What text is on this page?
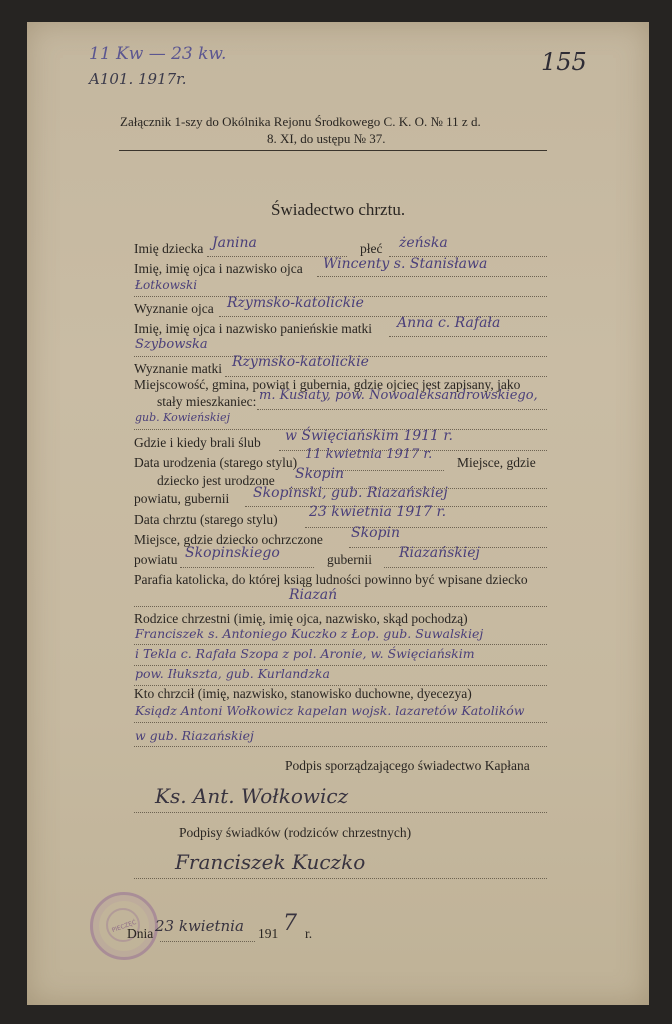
11 Kw — 23 kw.
A101. 1917r.
155
Załącznik 1-szy do Okólnika Rejonu Środkowego C. K. O. № 11 z d.
8. XI, do ustępu № 37.
Świadectwo chrztu.
Imię dziecka Janina	płeć żeńska
Imię, imię ojca i nazwisko ojca Wincenty s. Stanisława
Łotkowski
Wyznanie ojca Rzymsko-katolickie
Imię, imię ojca i nazwisko panieńskie matki Anna c. Rafała
Szybowska
Wyznanie matki Rzymsko-katolickie
Miejscowość, gmina, powiat i gubernia, gdzie ojciec jest zapisany, jako
stały mieszkaniec: m. Kusiaty, pow. Nowoaleksandrowskiego,
gub. Kowieńskiej
Gdzie i kiedy brali ślub w Święciańskim 1911 r.
Data urodzenia (starego stylu)
11 kwietnia 1917 r.
Miejsce, gdzie
dziecko jest urodzone Skopin
powiatu, gubernii Skopinski, gub. Riazańskiej
Data chrztu (starego stylu) 23 kwietnia 1917 r.
Miejsce, gdzie dziecko ochrzczone Skopin
powiatu Skopinskiego	gubernii Riazańskiej
Parafia katolicka, do której ksiąg ludności powinno być wpisane dziecko
Riazań
Rodzice chrzestni (imię, imię ojca, nazwisko, skąd pochodzą)
Franciszek s. Antoniego Kuczko z Łop. gub. Suwalskiej
i Tekla c. Rafała Szopa z pol. Aronie, w. Święciańskim
pow. Iłukszta, gub. Kurlandzka
Kto chrzcił (imię, nazwisko, stanowisko duchowne, dyecezya)
Ksiądz Antoni Wołkowicz kapelan wojsk. lazaretów Katolików
w gub. Riazańskiej
Podpis sporządzającego świadectwo Kapłana
Ks. Ant. Wołkowicz
Podpisy świadków (rodziców chrzestnych)
Franciszek Kuczko
PIECZĘĆ
Dnia 23 kwietnia 191 7 r.
